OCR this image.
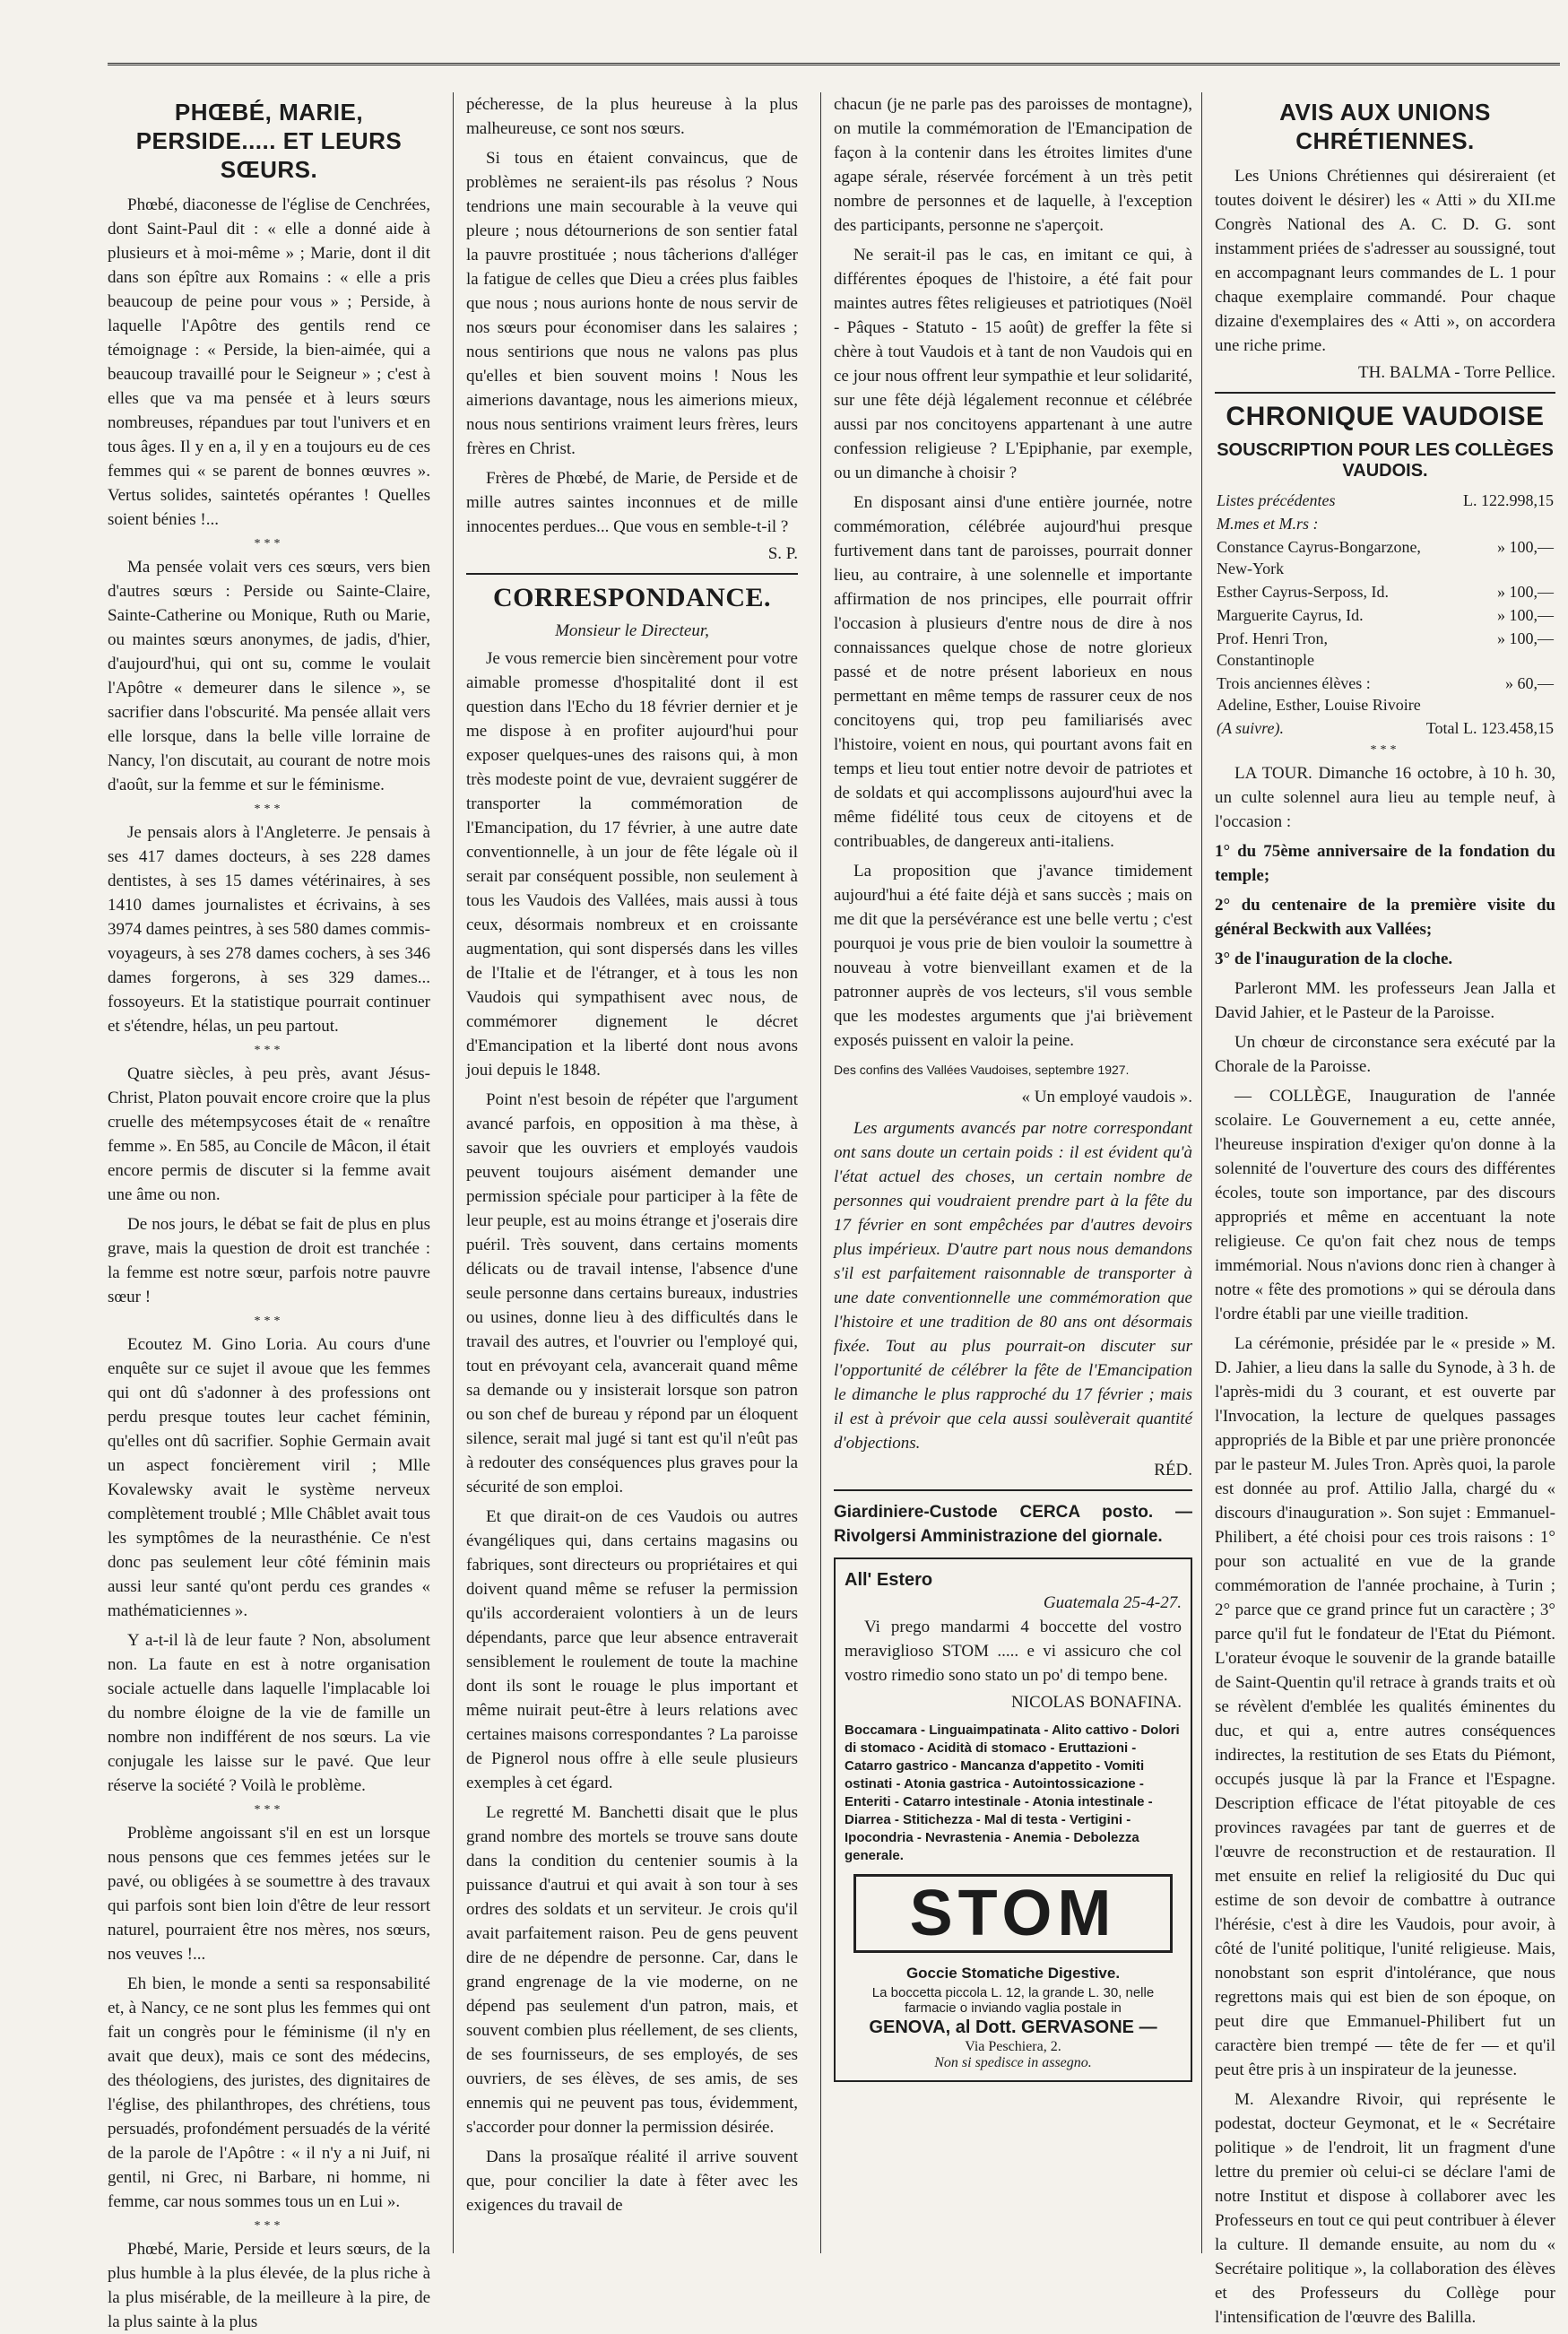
PHŒBÉ, MARIE, PERSIDE..... ET LEURS SŒURS.

Phœbé, diaconesse de l'église de Cenchrées, dont Saint-Paul dit : « elle a donné aide à plusieurs et à moi-même » ; Marie, dont il dit dans son épître aux Romains : « elle a pris beaucoup de peine pour vous » ; Perside, à laquelle l'Apôtre des gentils rend ce témoignage : « Perside, la bien-aimée, qui a beaucoup travaillé pour le Seigneur » ; c'est à elles que va ma pensée et à leurs sœurs nombreuses, répandues par tout l'univers et en tous âges. Il y en a, il y en a toujours eu de ces femmes qui « se parent de bonnes œuvres ». Vertus solides, saintetés opérantes ! Quelles soient bénies !...

***

Ma pensée volait vers ces sœurs, vers bien d'autres sœurs : Perside ou Sainte-Claire, Sainte-Catherine ou Monique, Ruth ou Marie, ou maintes sœurs anonymes, de jadis, d'hier, d'aujourd'hui, qui ont su, comme le voulait l'Apôtre « demeurer dans le silence », se sacrifier dans l'obscurité. Ma pensée allait vers elle lorsque, dans la belle ville lorraine de Nancy, l'on discutait, au courant de notre mois d'août, sur la femme et sur le féminisme.

***

Je pensais alors à l'Angleterre. Je pensais à ses 417 dames docteurs, à ses 228 dames dentistes, à ses 15 dames vétérinaires, à ses 1410 dames journalistes et écrivains, à ses 3974 dames peintres, à ses 580 dames commis-voyageurs, à ses 278 dames cochers, à ses 346 dames forgerons, à ses 329 dames... fossoyeurs. Et la statistique pourrait continuer et s'étendre, hélas, un peu partout.

***

Quatre siècles, à peu près, avant Jésus-Christ, Platon pouvait encore croire que la plus cruelle des métempsycoses était de « renaître femme ». En 585, au Concile de Mâcon, il était encore permis de discuter si la femme avait une âme ou non.

De nos jours, le débat se fait de plus en plus grave, mais la question de droit est tranchée : la femme est notre sœur, parfois notre pauvre sœur !

***

Ecoutez M. Gino Loria. Au cours d'une enquête sur ce sujet il avoue que les femmes qui ont dû s'adonner à des professions ont perdu presque toutes leur cachet féminin, qu'elles ont dû sacrifier. Sophie Germain avait un aspect foncièrement viril ; Mlle Kovalewsky avait le système nerveux complètement troublé ; Mlle Châblet avait tous les symptômes de la neurasthénie. Ce n'est donc pas seulement leur côté féminin mais aussi leur santé qu'ont perdu ces grandes « mathématiciennes ».

Y a-t-il là de leur faute ? Non, absolument non. La faute en est à notre organisation sociale actuelle dans laquelle l'implacable loi du nombre éloigne de la vie de famille un nombre non indifférent de nos sœurs. La vie conjugale les laisse sur le pavé. Que leur réserve la société ? Voilà le problème.

***

Problème angoissant s'il en est un lorsque nous pensons que ces femmes jetées sur le pavé, ou obligées à se soumettre à des travaux qui parfois sont bien loin d'être de leur ressort naturel, pourraient être nos mères, nos sœurs, nos veuves !...

Eh bien, le monde a senti sa responsabilité et, à Nancy, ce ne sont plus les femmes qui ont fait un congrès pour le féminisme (il n'y en avait que deux), mais ce sont des médecins, des théologiens, des juristes, des dignitaires de l'église, des philanthropes, des chrétiens, tous persuadés, profondément persuadés de la vérité de la parole de l'Apôtre : « il n'y a ni Juif, ni gentil, ni Grec, ni Barbare, ni homme, ni femme, car nous sommes tous un en Lui ».

***

Phœbé, Marie, Perside et leurs sœurs, de la plus humble à la plus élevée, de la plus riche à la plus misérable, de la meilleure à la pire, de la plus sainte à la plus

pécheresse, de la plus heureuse à la plus malheureuse, ce sont nos sœurs.

Si tous en étaient convaincus, que de problèmes ne seraient-ils pas résolus ? Nous tendrions une main secourable à la veuve qui pleure ; nous détournerions de son sentier fatal la pauvre prostituée ; nous tâcherions d'alléger la fatigue de celles que Dieu a crées plus faibles que nous ; nous aurions honte de nous servir de nos sœurs pour économiser dans les salaires ; nous sentirions que nous ne valons pas plus qu'elles et bien souvent moins ! Nous les aimerions davantage, nous les aimerions mieux, nous nous sentirions vraiment leurs frères, leurs frères en Christ.

Frères de Phœbé, de Marie, de Perside et de mille autres saintes inconnues et de mille innocentes perdues... Que vous en semble-t-il ?

S. P.
CORRESPONDANCE.
Monsieur le Directeur,

Je vous remercie bien sincèrement pour votre aimable promesse d'hospitalité dont il est question dans l'Echo du 18 février dernier et je me dispose à en profiter aujourd'hui pour exposer quelques-unes des raisons qui, à mon très modeste point de vue, devraient suggérer de transporter la commémoration de l'Emancipation, du 17 février, à une autre date conventionnelle, à un jour de fête légale où il serait par conséquent possible, non seulement à tous les Vaudois des Vallées, mais aussi à tous ceux, désormais nombreux et en croissante augmentation, qui sont dispersés dans les villes de l'Italie et de l'étranger, et à tous les non Vaudois qui sympathisent avec nous, de commémorer dignement le décret d'Emancipation et la liberté dont nous avons joui depuis le 1848.

Point n'est besoin de répéter que l'argument avancé parfois, en opposition à ma thèse, à savoir que les ouvriers et employés vaudois peuvent toujours aisément demander une permission spéciale pour participer à la fête de leur peuple, est au moins étrange et j'oserais dire puéril. Très souvent, dans certains moments délicats ou de travail intense, l'absence d'une seule personne dans certains bureaux, industries ou usines, donne lieu à des difficultés dans le travail des autres, et l'ouvrier ou l'employé qui, tout en prévoyant cela, avancerait quand même sa demande ou y insisterait lorsque son patron ou son chef de bureau y répond par un éloquent silence, serait mal jugé si tant est qu'il n'eût pas à redouter des conséquences plus graves pour la sécurité de son emploi.

Et que dirait-on de ces Vaudois ou autres évangéliques qui, dans certains magasins ou fabriques, sont directeurs ou propriétaires et qui doivent quand même se refuser la permission qu'ils accorderaient volontiers à un de leurs dépendants, parce que leur absence entraverait sensiblement le roulement de toute la machine dont ils sont le rouage le plus important et même nuirait peut-être à leurs relations avec certaines maisons correspondantes ? La paroisse de Pignerol nous offre à elle seule plusieurs exemples à cet égard.

Le regretté M. Banchetti disait que le plus grand nombre des mortels se trouve sans doute dans la condition du centenier soumis à la puissance d'autrui et qui avait à son tour à ses ordres des soldats et un serviteur. Je crois qu'il avait parfaitement raison. Peu de gens peuvent dire de ne dépendre de personne. Car, dans le grand engrenage de la vie moderne, on ne dépend pas seulement d'un patron, mais, et souvent combien plus réellement, de ses clients, de ses fournisseurs, de ses employés, de ses ouvriers, de ses élèves, de ses amis, de ses ennemis qui ne peuvent pas tous, évidemment, s'accorder pour donner la permission désirée.

Dans la prosaïque réalité il arrive souvent que, pour concilier la date à fêter avec les exigences du travail de

chacun (je ne parle pas des paroisses de montagne), on mutile la commémoration de l'Emancipation de façon à la contenir dans les étroites limites d'une agape sérale, réservée forcément à un très petit nombre de personnes et de laquelle, à l'exception des participants, personne ne s'aperçoit.

Ne serait-il pas le cas, en imitant ce qui, à différentes époques de l'histoire, a été fait pour maintes autres fêtes religieuses et patriotiques (Noël - Pâques - Statuto - 15 août) de greffer la fête si chère à tout Vaudois et à tant de non Vaudois qui en ce jour nous offrent leur sympathie et leur solidarité, sur une fête déjà légalement reconnue et célébrée aussi par nos concitoyens appartenant à une autre confession religieuse ? L'Epiphanie, par exemple, ou un dimanche à choisir ?

En disposant ainsi d'une entière journée, notre commémoration, célébrée aujourd'hui presque furtivement dans tant de paroisses, pourrait donner lieu, au contraire, à une solennelle et importante affirmation de nos principes, elle pourrait offrir l'occasion à plusieurs d'entre nous de dire à nos connaissances quelque chose de notre glorieux passé et de notre présent laborieux en nous permettant en même temps de rassurer ceux de nos concitoyens qui, trop peu familiarisés avec l'histoire, voient en nous, qui pourtant avons fait en temps et lieu tout entier notre devoir de patriotes et de soldats et qui accomplissons aujourd'hui avec la même fidélité tous ceux de citoyens et de contribuables, de dangereux anti-italiens.

La proposition que j'avance timidement aujourd'hui a été faite déjà et sans succès ; mais on me dit que la persévérance est une belle vertu ; c'est pourquoi je vous prie de bien vouloir la soumettre à nouveau à votre bienveillant examen et de la patronner auprès de vos lecteurs, s'il vous semble que les modestes arguments que j'ai brièvement exposés puissent en valoir la peine.

Des confins des Vallées Vaudoises, septembre 1927.

« Un employé vaudois ».

Les arguments avancés par notre correspondant ont sans doute un certain poids : il est évident qu'à l'état actuel des choses, un certain nombre de personnes qui voudraient prendre part à la fête du 17 février en sont empêchées par d'autres devoirs plus impérieux. D'autre part nous nous demandons s'il est parfaitement raisonnable de transporter à une date conventionnelle une commémoration que l'histoire et une tradition de 80 ans ont désormais fixée. Tout au plus pourrait-on discuter sur l'opportunité de célébrer la fête de l'Emancipation le dimanche le plus rapproché du 17 février ; mais il est à prévoir que cela aussi soulèverait quantité d'objections.

RÉD.

Giardiniere-Custode CERCA posto. — Rivolgersi Amministrazione del giornale.

All' Estero
Guatemala 25-4-27.

Vi prego mandarmi 4 boccette del vostro meraviglioso STOM ..... e vi assicuro che col vostro rimedio sono stato un po' di tempo bene.

NICOLAS BONAFINA.
Boccamara - Linguaimpatinata - Alito cattivo - Dolori di stomaco - Acidità di stomaco - Eruttazioni - Catarro gastrico - Mancanza d'appetito - Vomiti ostinati - Atonia gastrica - Autointossicazione - Enteriti - Catarro intestinale - Atonia intestinale - Diarrea - Stitichezza - Mal di testa - Vertigini - Ipocondria - Nevrastenia - Anemia - Debolezza generale.
STOM
Goccie Stomatiche Digestive.
La boccetta piccola L. 12, la grande L. 30, nelle farmacie o inviando vaglia postale in
GENOVA, al Dott. GERVASONE —
Via Peschiera, 2.
Non si spedisce in assegno.
AVIS AUX UNIONS CHRÉTIENNES.

Les Unions Chrétiennes qui désireraient (et toutes doivent le désirer) les « Atti » du XII.me Congrès National des A. C. D. G. sont instamment priées de s'adresser au soussigné, tout en accompagnant leurs commandes de L. 1 pour chaque exemplaire commandé. Pour chaque dizaine d'exemplaires des « Atti », on accordera une riche prime.

TH. BALMA - Torre Pellice.
CHRONIQUE VAUDOISE
SOUSCRIPTION POUR LES COLLÈGES VAUDOIS.
Listes précédentes	L. 122.998,15
M.mes et M.rs :	
Constance Cayrus-Bongarzone, New-York	» 100,—
Esther Cayrus-Serposs, Id.	» 100,—
Marguerite Cayrus, Id.	» 100,—
Prof. Henri Tron, Constantinople	» 100,—
Trois anciennes élèves : Adeline, Esther, Louise Rivoire	» 60,—
(A suivre).	Total L. 123.458,15
***

LA TOUR. Dimanche 16 octobre, à 10 h. 30, un culte solennel aura lieu au temple neuf, à l'occasion :

1° du 75ème anniversaire de la fondation du temple;

2° du centenaire de la première visite du général Beckwith aux Vallées;

3° de l'inauguration de la cloche.

Parleront MM. les professeurs Jean Jalla et David Jahier, et le Pasteur de la Paroisse.

Un chœur de circonstance sera exécuté par la Chorale de la Paroisse.

— COLLÈGE, Inauguration de l'année scolaire. Le Gouvernement a eu, cette année, l'heureuse inspiration d'exiger qu'on donne à la solennité de l'ouverture des cours des différentes écoles, toute son importance, par des discours appropriés et même en accentuant la note religieuse. Ce qu'on fait chez nous de temps immémorial. Nous n'avions donc rien à changer à notre « fête des promotions » qui se déroula dans l'ordre établi par une vieille tradition.

La cérémonie, présidée par le « preside » M. D. Jahier, a lieu dans la salle du Synode, à 3 h. de l'après-midi du 3 courant, et est ouverte par l'Invocation, la lecture de quelques passages appropriés de la Bible et par une prière prononcée par le pasteur M. Jules Tron. Après quoi, la parole est donnée au prof. Attilio Jalla, chargé du « discours d'inauguration ». Son sujet : Emmanuel-Philibert, a été choisi pour ces trois raisons : 1° pour son actualité en vue de la grande commémoration de l'année prochaine, à Turin ; 2° parce que ce grand prince fut un caractère ; 3° parce qu'il fut le fondateur de l'Etat du Piémont. L'orateur évoque le souvenir de la grande bataille de Saint-Quentin qu'il retrace à grands traits et où se révèlent d'emblée les qualités éminentes du duc, et qui a, entre autres conséquences indirectes, la restitution de ses Etats du Piémont, occupés jusque là par la France et l'Espagne. Description efficace de l'état pitoyable de ces provinces ravagées par tant de guerres et de l'œuvre de reconstruction et de restauration. Il met ensuite en relief la religiosité du Duc qui estime de son devoir de combattre à outrance l'hérésie, c'est à dire les Vaudois, pour avoir, à côté de l'unité politique, l'unité religieuse. Mais, nonobstant son esprit d'intolérance, que nous regrettons mais qui est bien de son époque, on peut dire que Emmanuel-Philibert fut un caractère bien trempé — tête de fer — et qu'il peut être pris à un inspirateur de la jeunesse.

M. Alexandre Rivoir, qui représente le podestat, docteur Geymonat, et le « Secrétaire politique » de l'endroit, lit un fragment d'une lettre du premier où celui-ci se déclare l'ami de notre Institut et dispose à collaborer avec les Professeurs en tout ce qui peut contribuer à élever la culture. Il demande ensuite, au nom du « Secrétaire politique », la collaboration des élèves et des Professeurs du Collège pour l'intensification de l'œuvre des Balilla.
